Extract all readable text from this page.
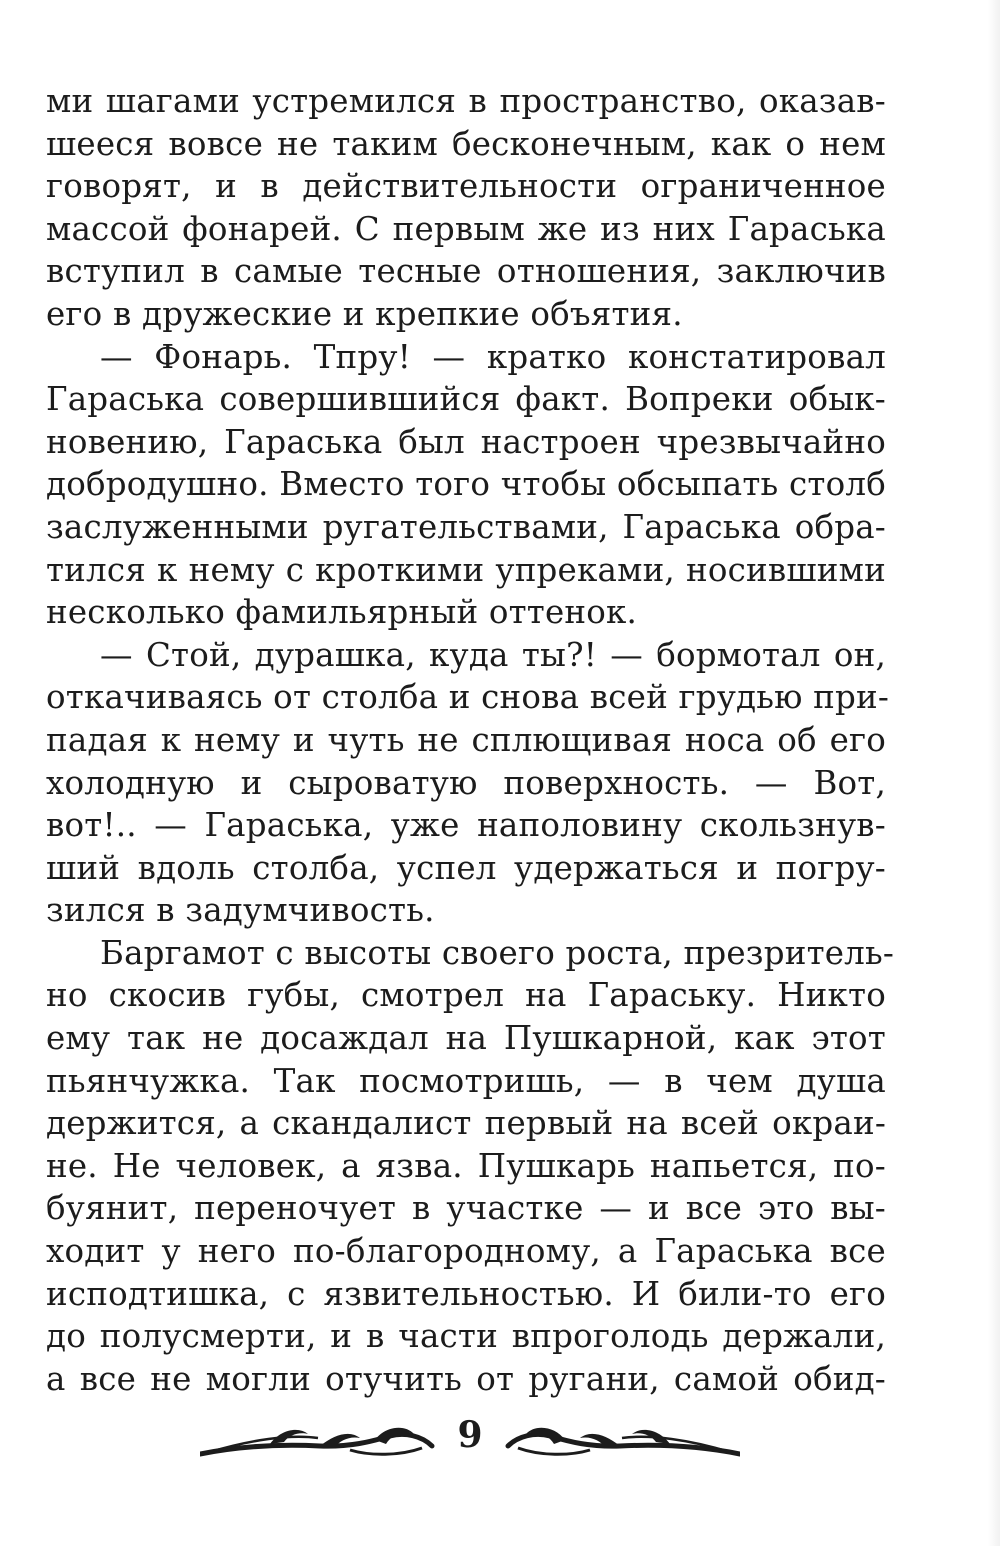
ми шагами устремился в пространство, оказав-
шееся вовсе не таким бесконечным, как о нем
говорят, и в действительности ограниченное
массой фонарей. С первым же из них Гараська
вступил в самые тесные отношения, заключив
его в дружеские и крепкие объятия.
— Фонарь. Тпру! — кратко констатировал
Гараська совершившийся факт. Вопреки обык-
новению, Гараська был настроен чрезвычайно
добродушно. Вместо того чтобы обсыпать столб
заслуженными ругательствами, Гараська обра-
тился к нему с кроткими упреками, носившими
несколько фамильярный оттенок.
— Стой, дурашка, куда ты?! — бормотал он,
откачиваясь от столба и снова всей грудью при-
падая к нему и чуть не сплющивая носа об его
холодную и сыроватую поверхность. — Вот,
вот!.. — Гараська, уже наполовину скользнув-
ший вдоль столба, успел удержаться и погру-
зился в задумчивость.
Баргамот с высоты своего роста, презритель-
но скосив губы, смотрел на Гараську. Никто
ему так не досаждал на Пушкарной, как этот
пьянчужка. Так посмотришь, — в чем душа
держится, а скандалист первый на всей окраи-
не. Не человек, а язва. Пушкарь напьется, по-
буянит, переночует в участке — и все это вы-
ходит у него по-благородному, а Гараська все
исподтишка, с язвительностью. И били-то его
до полусмерти, и в части впроголодь держали,
а все не могли отучить от ругани, самой обид-
9
